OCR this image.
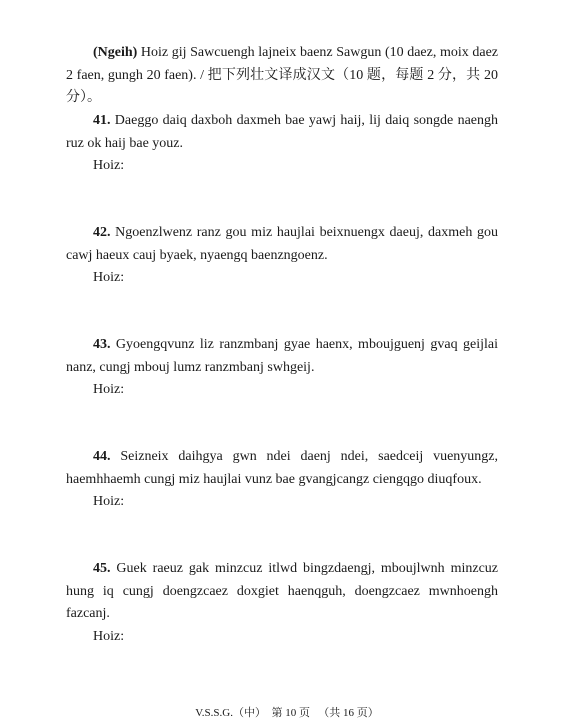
(Ngeih) Hoiz gij Sawcuengh lajneix baenz Sawgun (10 daez, moix daez 2 faen, gungh 20 faen). / 把下列壮文译成汉文（10 题，每题 2 分，共 20 分）。
41. Daeggo daiq daxboh daxmeh bae yawj haij, lij daiq songde naengh ruz ok haij bae youz.
Hoiz:
42. Ngoenzlwenz ranz gou miz haujlai beixnuengx daeuj, daxmeh gou cawj haeux cauj byaek, nyaengq baenzngoenz.
Hoiz:
43. Gyoengqvunz liz ranzmbanj gyae haenx, mboujguenj gvaq geijlai nanz, cungj mbouj lumz ranzmbanj swhgeij.
Hoiz:
44. Seizneix daihgya gwn ndei daenj ndei, saedceij vuenyungz, haemhhaemh cungj miz haujlai vunz bae gvangjcangz ciengqgo diuqfoux.
Hoiz:
45. Guek raeuz gak minzcuz itlwd bingzdaengj, mboujlwnh minzcuz hung iq cungj doengzcaez doxgiet haenqguh, doengzcaez mwnhoengh fazcanj.
Hoiz:
V.S.S.G.（中）  第 10 页   （共 16 页）
